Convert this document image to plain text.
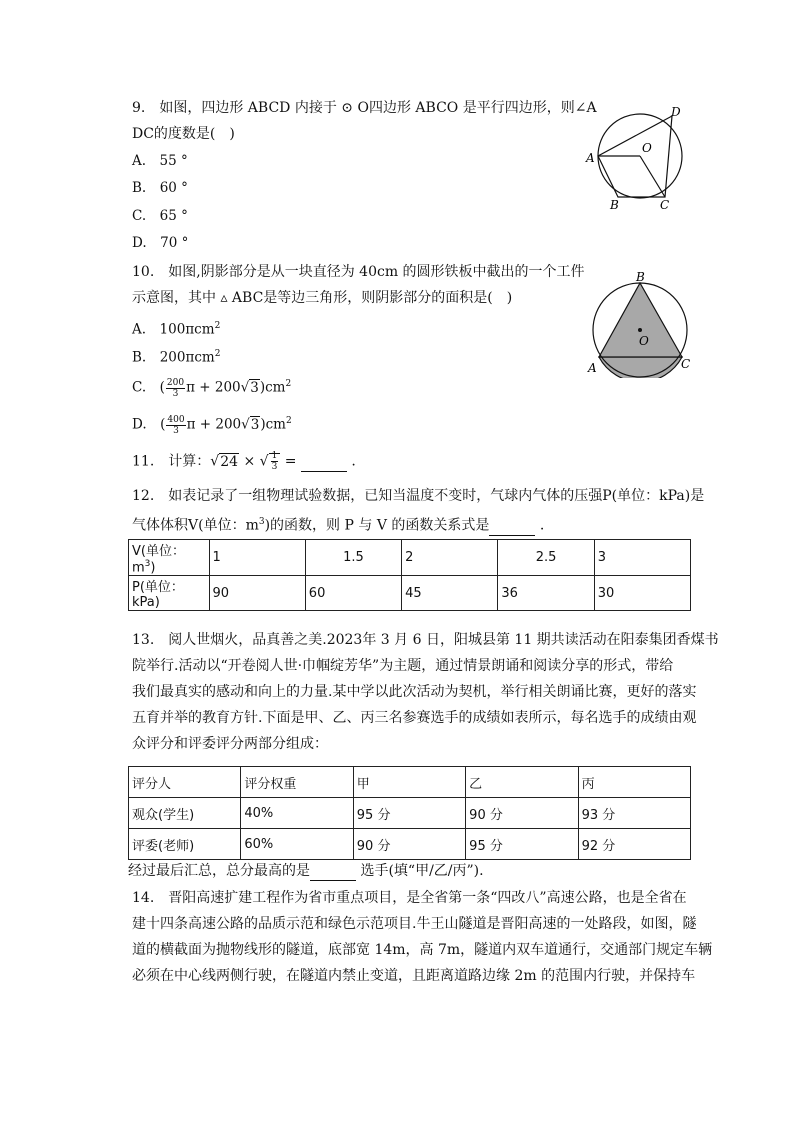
9.　如图，四边形 ABCD 内接于 ⊙ O四边形 ABCO 是平行四边形，则∠A
DC的度数是(　)
A.　55 °
B.　60 °
C.　65 °
D.　70 °
A
B	C
D
O
10.　如图,阴影部分是从一块直径为 40cm 的圆形铁板中截出的一个工件
示意图，其中 ▵ ABC是等边三角形，则阴影部分的面积是(　)
A.　100πcm$^2$
B.　200πcm$^2$
C.　( $\frac{200}{3}$ $\pi + 200√3)cm^2$
D.　( $\frac{400}{3}$ $\pi + 200√3)cm^2$
B
A	C
O
11.　计算：√24 × √ $\frac{1}{3}$ =	.
12.　如表记录了一组物理试验数据，已知当温度不变时，气球内气体的压强P(单位：kPa)是
气体体积V(单位：$m^3$)的函数，则 P 与 V 的函数关系式是	.
V(单位：$m^3$)	1	1.5	2	2.5	3
P(单位：kPa)	90	60	45	36	30
13.　阅人世烟火，品真善之美.2023年 3 月 6 日，阳城县第 11 期共读活动在阳泰集团香煤书
院举行.活动以“开卷阅人世·巾帼绽芳华”为主题，通过情景朗诵和阅读分享的形式，带给
我们最真实的感动和向上的力量.某中学以此次活动为契机，举行相关朗诵比赛，更好的落实
五育并举的教育方针.下面是甲、乙、丙三名参赛选手的成绩如表所示，每名选手的成绩由观
众评分和评委评分两部分组成：
评分人	评分权重	甲	乙	丙
观众(学生)	40%	95 分	90 分	93 分
评委(老师)	60%	90 分	95 分	92 分
经过最后汇总，总分最高的是	选手(填“甲/乙/丙”).
14.　晋阳高速扩建工程作为省市重点项目，是全省第一条“四改八”高速公路，也是全省在
建十四条高速公路的品质示范和绿色示范项目.牛王山隧道是晋阳高速的一处路段，如图，隧
道的横截面为抛物线形的隧道，底部宽 14m，高 7m，隧道内双车道通行，交通部门规定车辆
必须在中心线两侧行驶，在隧道内禁止变道，且距离道路边缘 2m 的范围内行驶，并保持车
